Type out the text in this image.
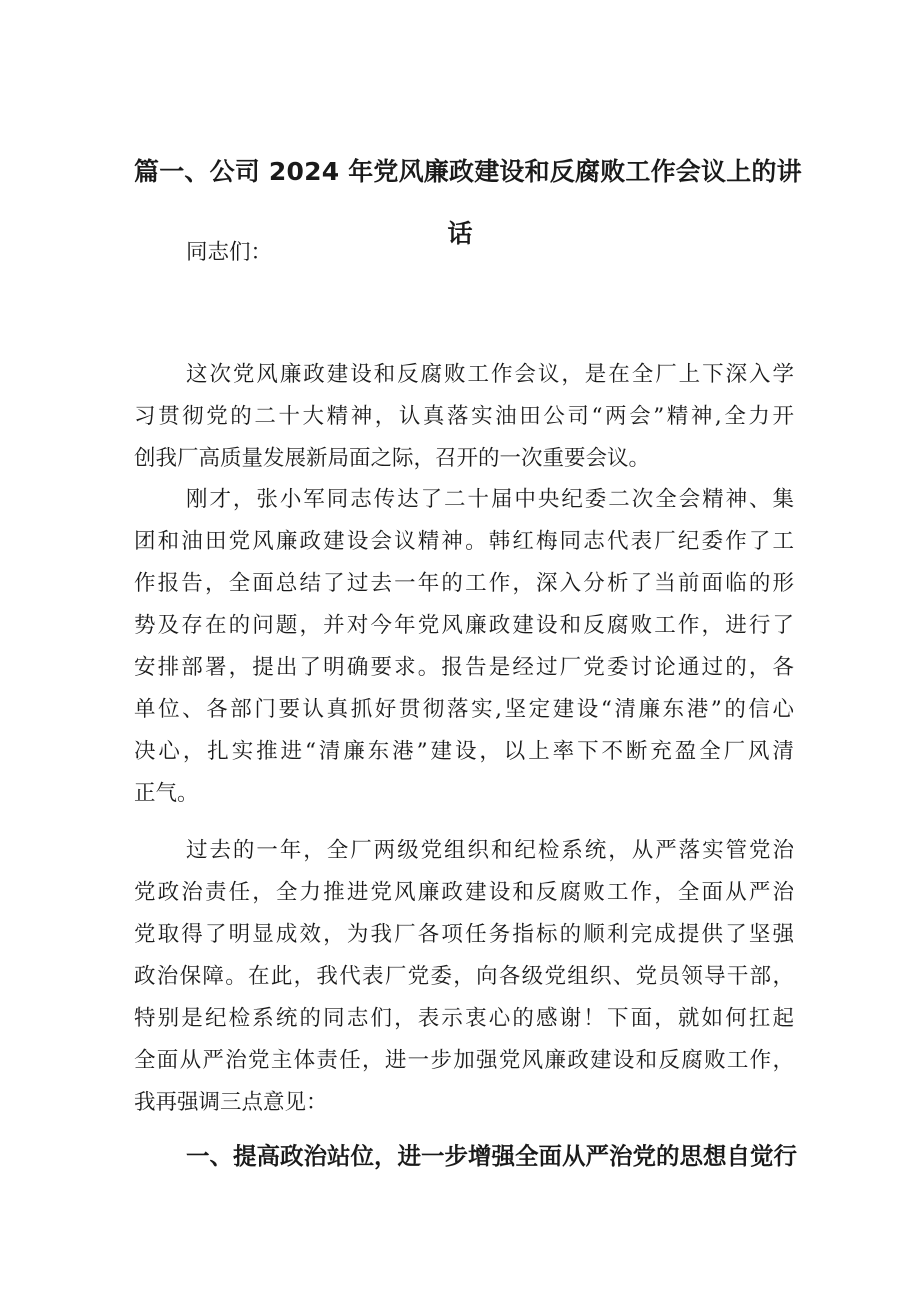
篇一、公司 2024 年党风廉政建设和反腐败工作会议上的讲
话
同志们：
这次党风廉政建设和反腐败工作会议，是在全厂上下深入学
习贯彻党的二十大精神，认真落实油田公司“两会”精神,全力开
创我厂高质量发展新局面之际，召开的一次重要会议。
刚才，张小军同志传达了二十届中央纪委二次全会精神、集
团和油田党风廉政建设会议精神。韩红梅同志代表厂纪委作了工
作报告，全面总结了过去一年的工作，深入分析了当前面临的形
势及存在的问题，并对今年党风廉政建设和反腐败工作，进行了
安排部署，提出了明确要求。报告是经过厂党委讨论通过的，各
单位、各部门要认真抓好贯彻落实,坚定建设“清廉东港”的信心
决心，扎实推进“清廉东港”建设，以上率下不断充盈全厂风清
正气。
过去的一年，全厂两级党组织和纪检系统，从严落实管党治
党政治责任，全力推进党风廉政建设和反腐败工作，全面从严治
党取得了明显成效，为我厂各项任务指标的顺利完成提供了坚强
政治保障。在此，我代表厂党委，向各级党组织、党员领导干部，
特别是纪检系统的同志们，表示衷心的感谢！下面，就如何扛起
全面从严治党主体责任，进一步加强党风廉政建设和反腐败工作，
我再强调三点意见：
一、提高政治站位，进一步增强全面从严治党的思想自觉行
